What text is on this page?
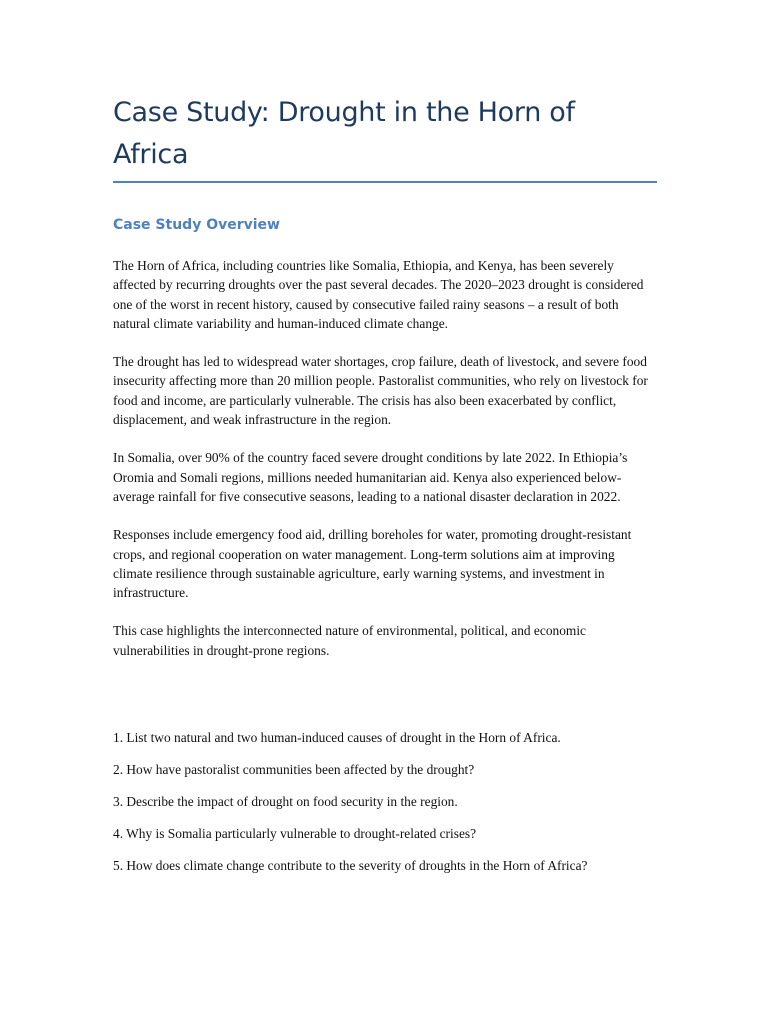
Case Study: Drought in the Horn of Africa
Case Study Overview

The Horn of Africa, including countries like Somalia, Ethiopia, and Kenya, has been severely affected by recurring droughts over the past several decades. The 2020–2023 drought is considered one of the worst in recent history, caused by consecutive failed rainy seasons – a result of both natural climate variability and human-induced climate change.

The drought has led to widespread water shortages, crop failure, death of livestock, and severe food insecurity affecting more than 20 million people. Pastoralist communities, who rely on livestock for food and income, are particularly vulnerable. The crisis has also been exacerbated by conflict, displacement, and weak infrastructure in the region.

In Somalia, over 90% of the country faced severe drought conditions by late 2022. In Ethiopia’s Oromia and Somali regions, millions needed humanitarian aid. Kenya also experienced below-average rainfall for five consecutive seasons, leading to a national disaster declaration in 2022.

Responses include emergency food aid, drilling boreholes for water, promoting drought-resistant crops, and regional cooperation on water management. Long-term solutions aim at improving climate resilience through sustainable agriculture, early warning systems, and investment in infrastructure.

This case highlights the interconnected nature of environmental, political, and economic vulnerabilities in drought-prone regions.

1. List two natural and two human-induced causes of drought in the Horn of Africa.

2. How have pastoralist communities been affected by the drought?

3. Describe the impact of drought on food security in the region.

4. Why is Somalia particularly vulnerable to drought-related crises?

5. How does climate change contribute to the severity of droughts in the Horn of Africa?
